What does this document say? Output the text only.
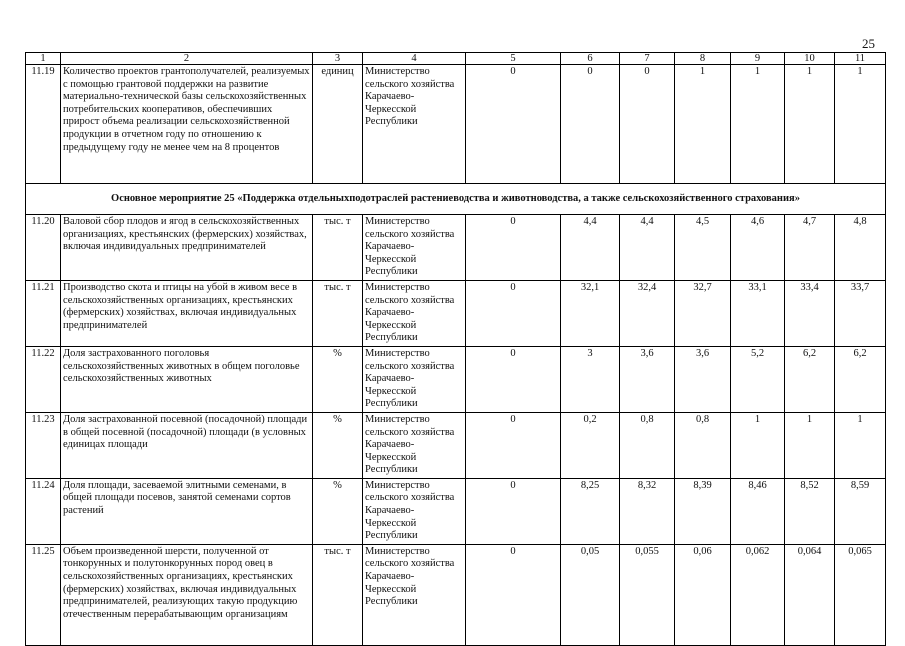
25
1	2	3	4	5	6	7	8	9	10	11
11.19	Количество проектов грантополучателей, реализуемых с помощью грантовой поддержки на развитие материально-технической базы сельскохозяйственных потребительских кооперативов, обеспечивших прирост объема реализации сельскохозяйственной продукции в отчетном году по отношению к предыдущему году не менее чем на 8 процентов	единиц	Министерство сельского хозяйства Карачаево-Черкесской Республики	0	0	0	1	1	1	1
Основное мероприятие 25 «Поддержка отдельныхподотраслей растениеводства и животноводства, а также сельскохозяйственного страхования»										
11.20	Валовой сбор плодов и ягод в сельскохозяйственных организациях, крестьянских (фермерских) хозяйствах, включая индивидуальных предпринимателей	тыс. т	Министерство сельского хозяйства Карачаево-Черкесской Республики	0	4,4	4,4	4,5	4,6	4,7	4,8
11.21	Производство скота и птицы на убой в живом весе в сельскохозяйственных организациях, крестьянских (фермерских) хозяйствах, включая индивидуальных предпринимателей	тыс. т	Министерство сельского хозяйства Карачаево-Черкесской Республики	0	32,1	32,4	32,7	33,1	33,4	33,7
11.22	Доля застрахованного поголовья сельскохозяйственных животных в общем поголовье сельскохозяйственных животных	%	Министерство сельского хозяйства Карачаево-Черкесской Республики	0	3	3,6	3,6	5,2	6,2	6,2
11.23	Доля застрахованной посевной (посадочной) площади в общей посевной (посадочной) площади (в условных единицах площади	%	Министерство сельского хозяйства Карачаево-Черкесской Республики	0	0,2	0,8	0,8	1	1	1
11.24	Доля площади, засеваемой элитными семенами, в общей площади посевов, занятой семенами сортов растений	%	Министерство сельского хозяйства Карачаево-Черкесской Республики	0	8,25	8,32	8,39	8,46	8,52	8,59
11.25	Объем произведенной шерсти, полученной от тонкорунных и полутонкорунных пород овец в сельскохозяйственных организациях, крестьянских (фермерских) хозяйствах, включая индивидуальных предпринимателей, реализующих такую продукцию отечественным перерабатывающим организациям	тыс. т	Министерство сельского хозяйства Карачаево-Черкесской Республики	0	0,05	0,055	0,06	0,062	0,064	0,065
